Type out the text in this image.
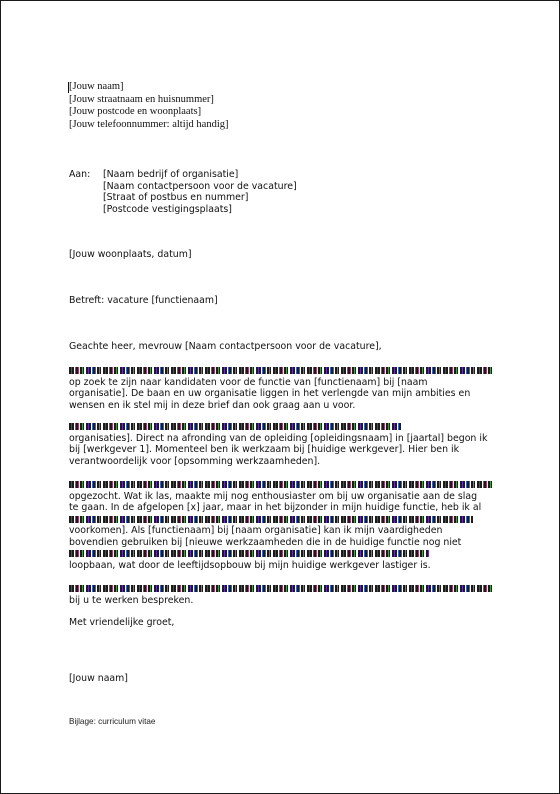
[Jouw naam]
[Jouw straatnaam en huisnummer]
[Jouw postcode en woonplaats]
[Jouw telefoonnummer: altijd handig]
Aan: [Naam bedrijf of organisatie]
[Naam contactpersoon voor de vacature]
[Straat of postbus en nummer]
[Postcode vestigingsplaats]
[Jouw woonplaats, datum]
Betreft: vacature [functienaam]
Geachte heer, mevrouw [Naam contactpersoon voor de vacature],
op zoek te zijn naar kandidaten voor de functie van [functienaam] bij [naam
organisatie]. De baan en uw organisatie liggen in het verlengde van mijn ambities en
wensen en ik stel mij in deze brief dan ook graag aan u voor.
organisaties]. Direct na afronding van de opleiding [opleidingsnaam] in [jaartal] begon ik
bij [werkgever 1]. Momenteel ben ik werkzaam bij [huidige werkgever]. Hier ben ik
verantwoordelijk voor [opsomming werkzaamheden].
opgezocht. Wat ik las, maakte mij nog enthousiaster om bij uw organisatie aan de slag
te gaan. In de afgelopen [x] jaar, maar in het bijzonder in mijn huidige functie, heb ik al
voorkomen]. Als [functienaam] bij [naam organisatie] kan ik mijn vaardigheden
bovendien gebruiken bij [nieuwe werkzaamheden die in de huidige functie nog niet
loopbaan, wat door de leeftijdsopbouw bij mijn huidige werkgever lastiger is.
bij u te werken bespreken.
Met vriendelijke groet,
[Jouw naam]
Bijlage: curriculum vitae
